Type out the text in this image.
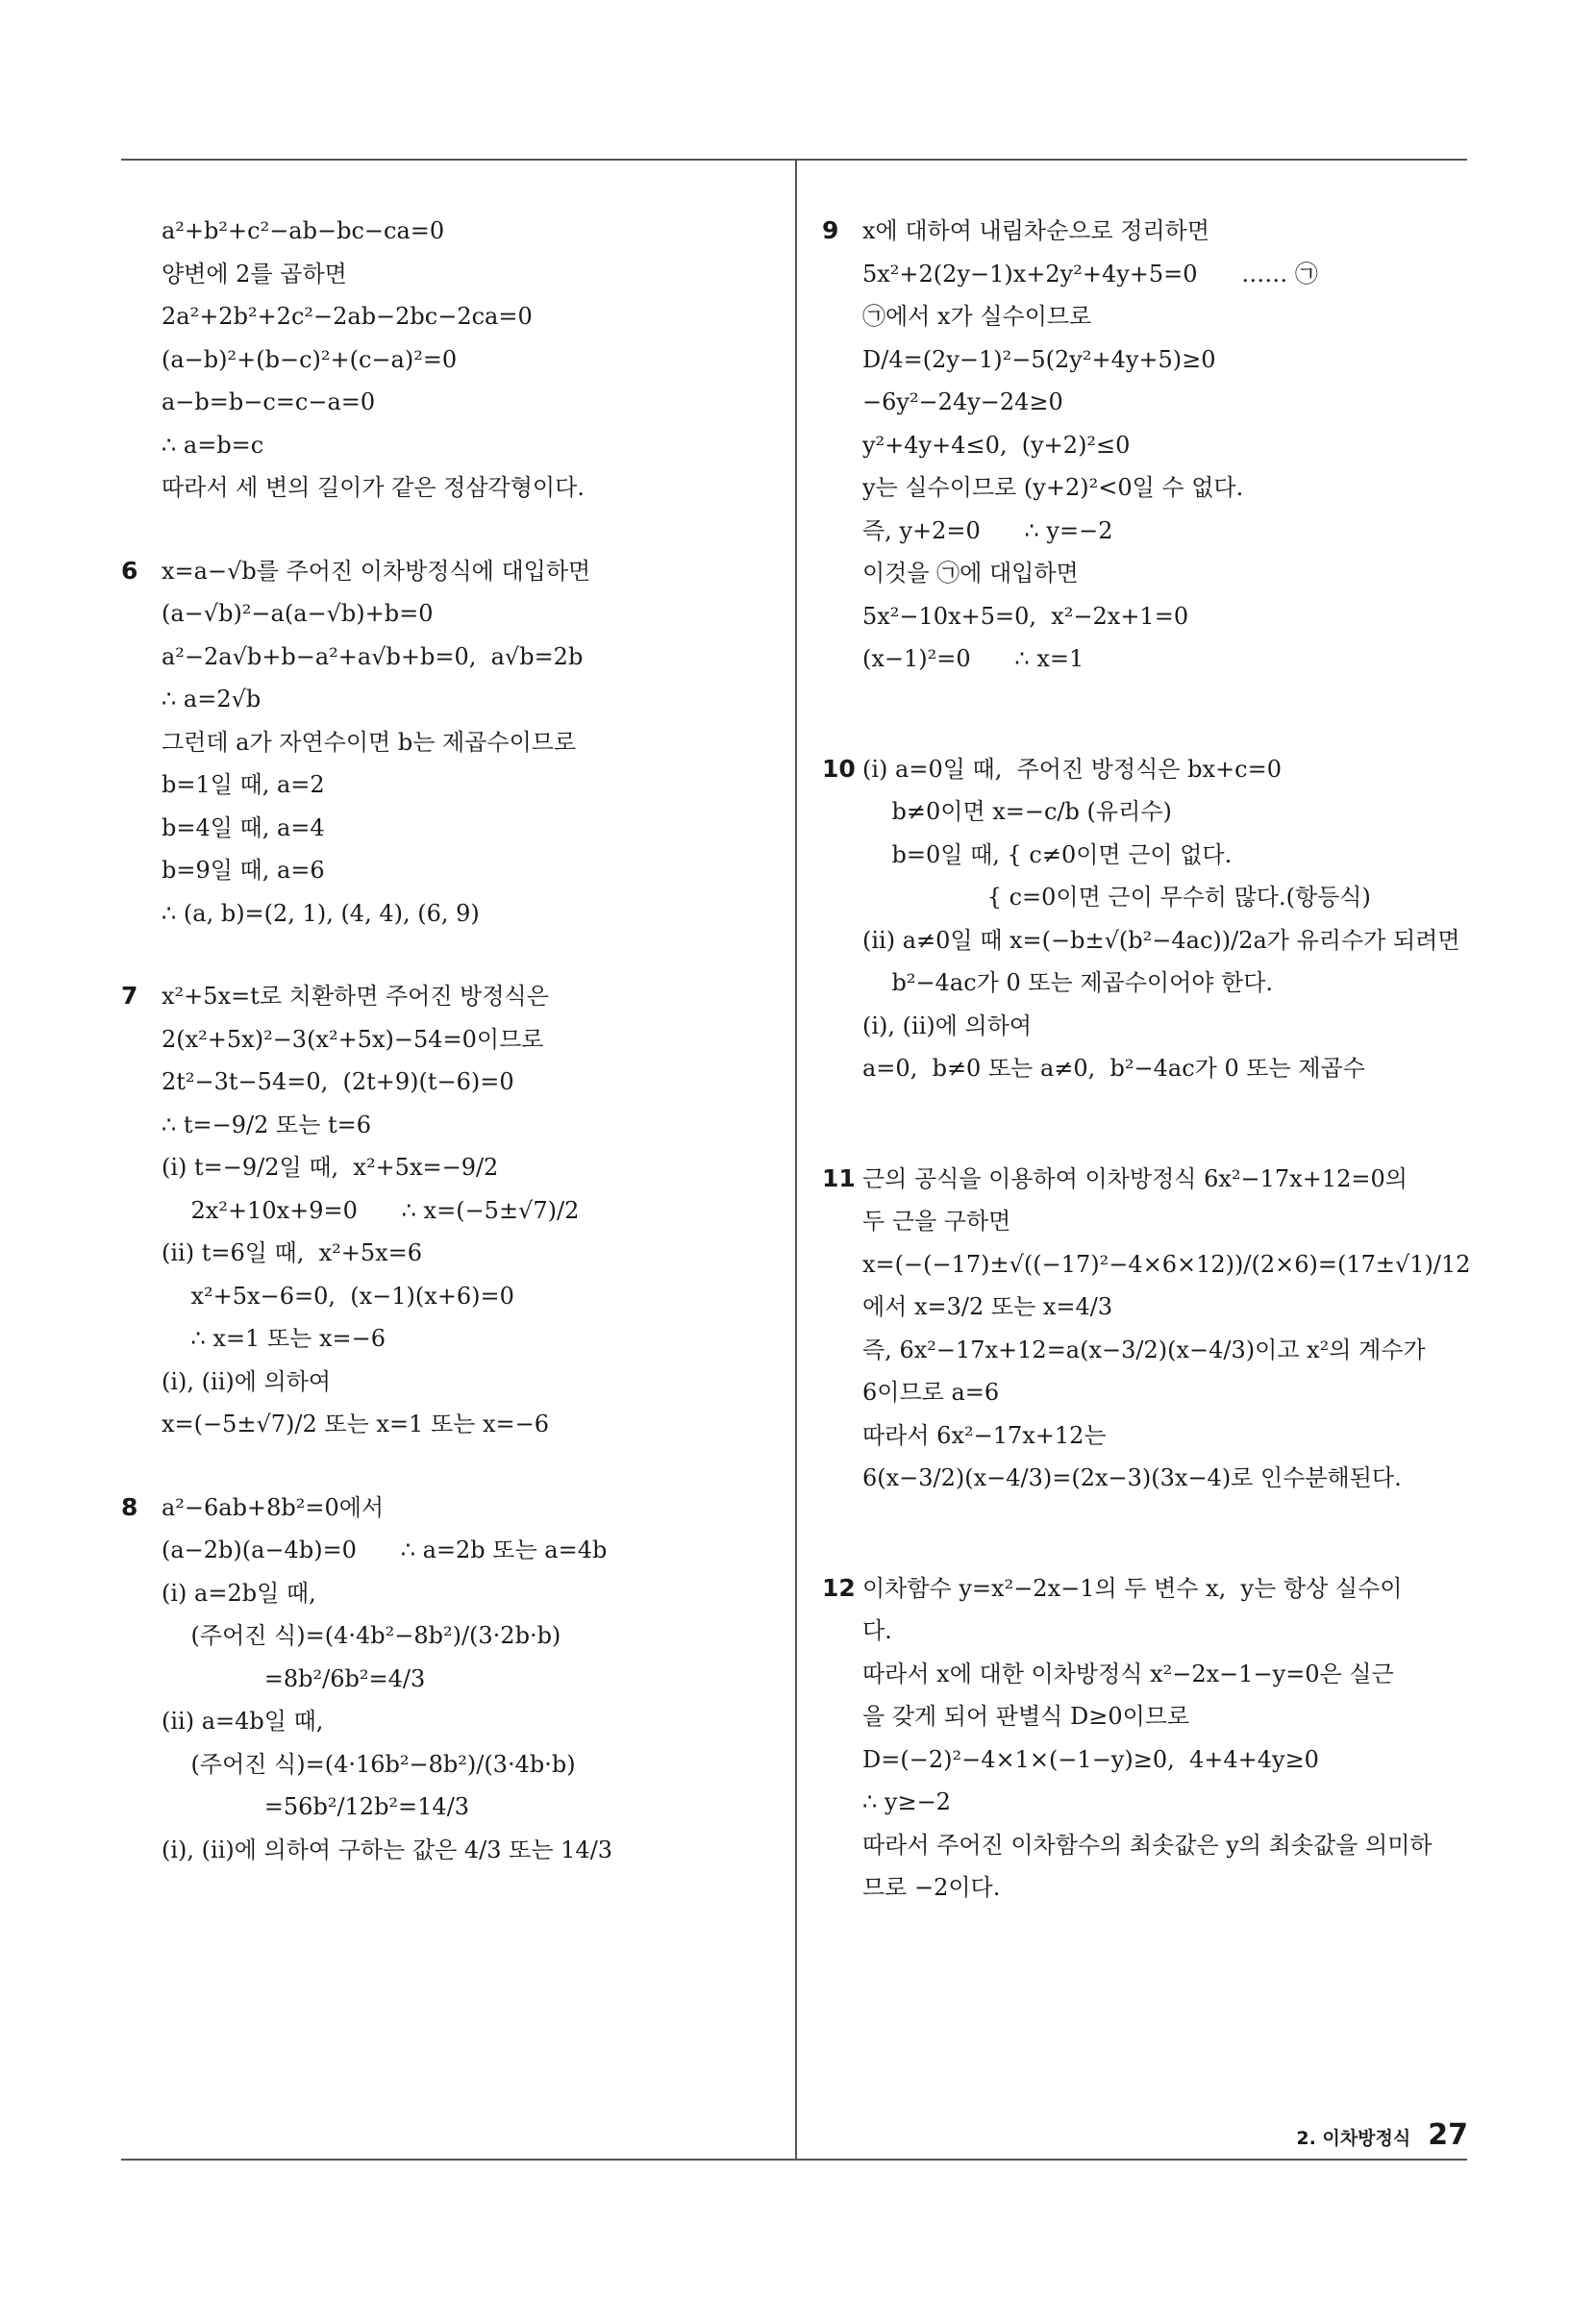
a²+b²+c²−ab−bc−ca=0
양변에 2를 곱하면
2a²+2b²+2c²−2ab−2bc−2ca=0
(a−b)²+(b−c)²+(c−a)²=0
a−b=b−c=c−a=0
∴ a=b=c
따라서 세 변의 길이가 같은 정삼각형이다.
6 x=a−√b를 주어진 이차방정식에 대입하면
(a−√b)²−a(a−√b)+b=0
a²−2a√b+b−a²+a√b+b=0,  a√b=2b
∴ a=2√b
그런데 a가 자연수이면 b는 제곱수이므로
b=1일 때, a=2
b=4일 때, a=4
b=9일 때, a=6
∴ (a, b)=(2, 1), (4, 4), (6, 9)
7 x²+5x=t로 치환하면 주어진 방정식은
2(x²+5x)²−3(x²+5x)−54=0이므로
2t²−3t−54=0,  (2t+9)(t−6)=0
∴ t=−9/2 또는 t=6
(i) t=−9/2일 때,  x²+5x=−9/2
2x²+10x+9=0      ∴ x=(−5±√7)/2
(ii) t=6일 때,  x²+5x=6
x²+5x−6=0,  (x−1)(x+6)=0
∴ x=1 또는 x=−6
(i), (ii)에 의하여
x=(−5±√7)/2 또는 x=1 또는 x=−6
8 a²−6ab+8b²=0에서
(a−2b)(a−4b)=0      ∴ a=2b 또는 a=4b
(i) a=2b일 때,
(주어진 식)=(4·4b²−8b²)/(3·2b·b)
=8b²/6b²=4/3
(ii) a=4b일 때,
(주어진 식)=(4·16b²−8b²)/(3·4b·b)
=56b²/12b²=14/3
(i), (ii)에 의하여 구하는 값은 4/3 또는 14/3
9 x에 대하여 내림차순으로 정리하면
5x²+2(2y−1)x+2y²+4y+5=0      …… ㉠
㉠에서 x가 실수이므로
D/4=(2y−1)²−5(2y²+4y+5)≥0
−6y²−24y−24≥0
y²+4y+4≤0,  (y+2)²≤0
y는 실수이므로 (y+2)²<0일 수 없다.
즉, y+2=0      ∴ y=−2
이것을 ㉠에 대입하면
5x²−10x+5=0,  x²−2x+1=0
(x−1)²=0      ∴ x=1
10 (i) a=0일 때,  주어진 방정식은 bx+c=0
b≠0이면 x=−c/b (유리수)
b=0일 때, { c≠0이면 근이 없다.
{ c=0이면 근이 무수히 많다.(항등식)
(ii) a≠0일 때 x=(−b±√(b²−4ac))/2a가 유리수가 되려면
b²−4ac가 0 또는 제곱수이어야 한다.
(i), (ii)에 의하여
a=0,  b≠0 또는 a≠0,  b²−4ac가 0 또는 제곱수
11 근의 공식을 이용하여 이차방정식 6x²−17x+12=0의
두 근을 구하면
x=(−(−17)±√((−17)²−4×6×12))/(2×6)=(17±√1)/12
에서 x=3/2 또는 x=4/3
즉, 6x²−17x+12=a(x−3/2)(x−4/3)이고 x²의 계수가
6이므로 a=6
따라서 6x²−17x+12는
6(x−3/2)(x−4/3)=(2x−3)(3x−4)로 인수분해된다.
12 이차함수 y=x²−2x−1의 두 변수 x,  y는 항상 실수이
다.
따라서 x에 대한 이차방정식 x²−2x−1−y=0은 실근
을 갖게 되어 판별식 D≥0이므로
D=(−2)²−4×1×(−1−y)≥0,  4+4+4y≥0
∴ y≥−2
따라서 주어진 이차함수의 최솟값은 y의 최솟값을 의미하
므로 −2이다.
2. 이차방정식 27
